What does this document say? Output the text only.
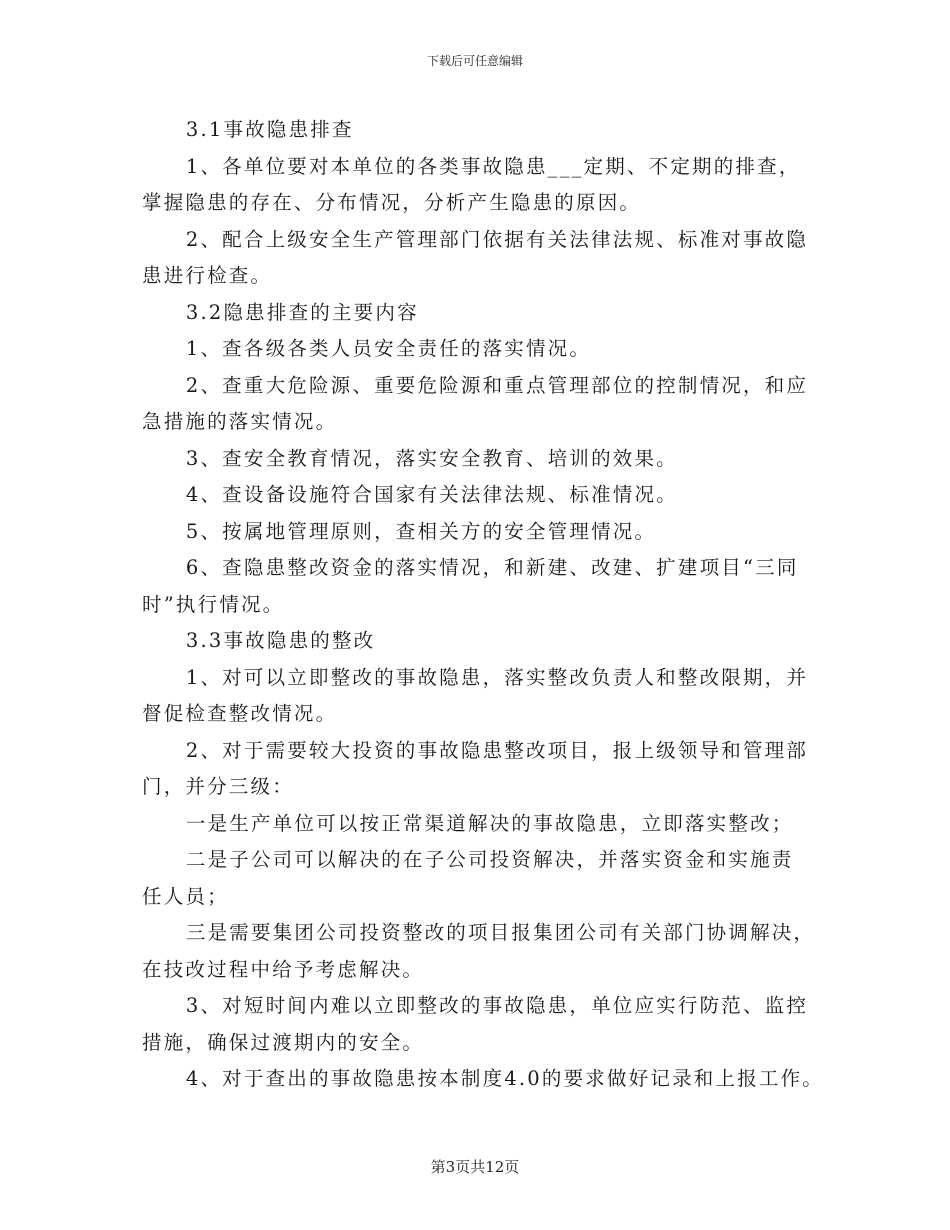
下载后可任意编辑

3.1事故隐患排查

1、各单位要对本单位的各类事故隐患___定期、不定期的排查，
掌握隐患的存在、分布情况，分析产生隐患的原因。

2、配合上级安全生产管理部门依据有关法律法规、标准对事故隐
患进行检查。

3.2隐患排查的主要内容

1、查各级各类人员安全责任的落实情况。

2、查重大危险源、重要危险源和重点管理部位的控制情况，和应
急措施的落实情况。

3、查安全教育情况，落实安全教育、培训的效果。

4、查设备设施符合国家有关法律法规、标准情况。

5、按属地管理原则，查相关方的安全管理情况。

6、查隐患整改资金的落实情况，和新建、改建、扩建项目“三同
时”执行情况。

3.3事故隐患的整改

1、对可以立即整改的事故隐患，落实整改负责人和整改限期，并
督促检查整改情况。

2、对于需要较大投资的事故隐患整改项目，报上级领导和管理部
门，并分三级：

一是生产单位可以按正常渠道解决的事故隐患，立即落实整改；

二是子公司可以解决的在子公司投资解决，并落实资金和实施责
任人员；

三是需要集团公司投资整改的项目报集团公司有关部门协调解决，
在技改过程中给予考虑解决。

3、对短时间内难以立即整改的事故隐患，单位应实行防范、监控
措施，确保过渡期内的安全。

4、对于查出的事故隐患按本制度4.0的要求做好记录和上报工作。

第3页共12页
